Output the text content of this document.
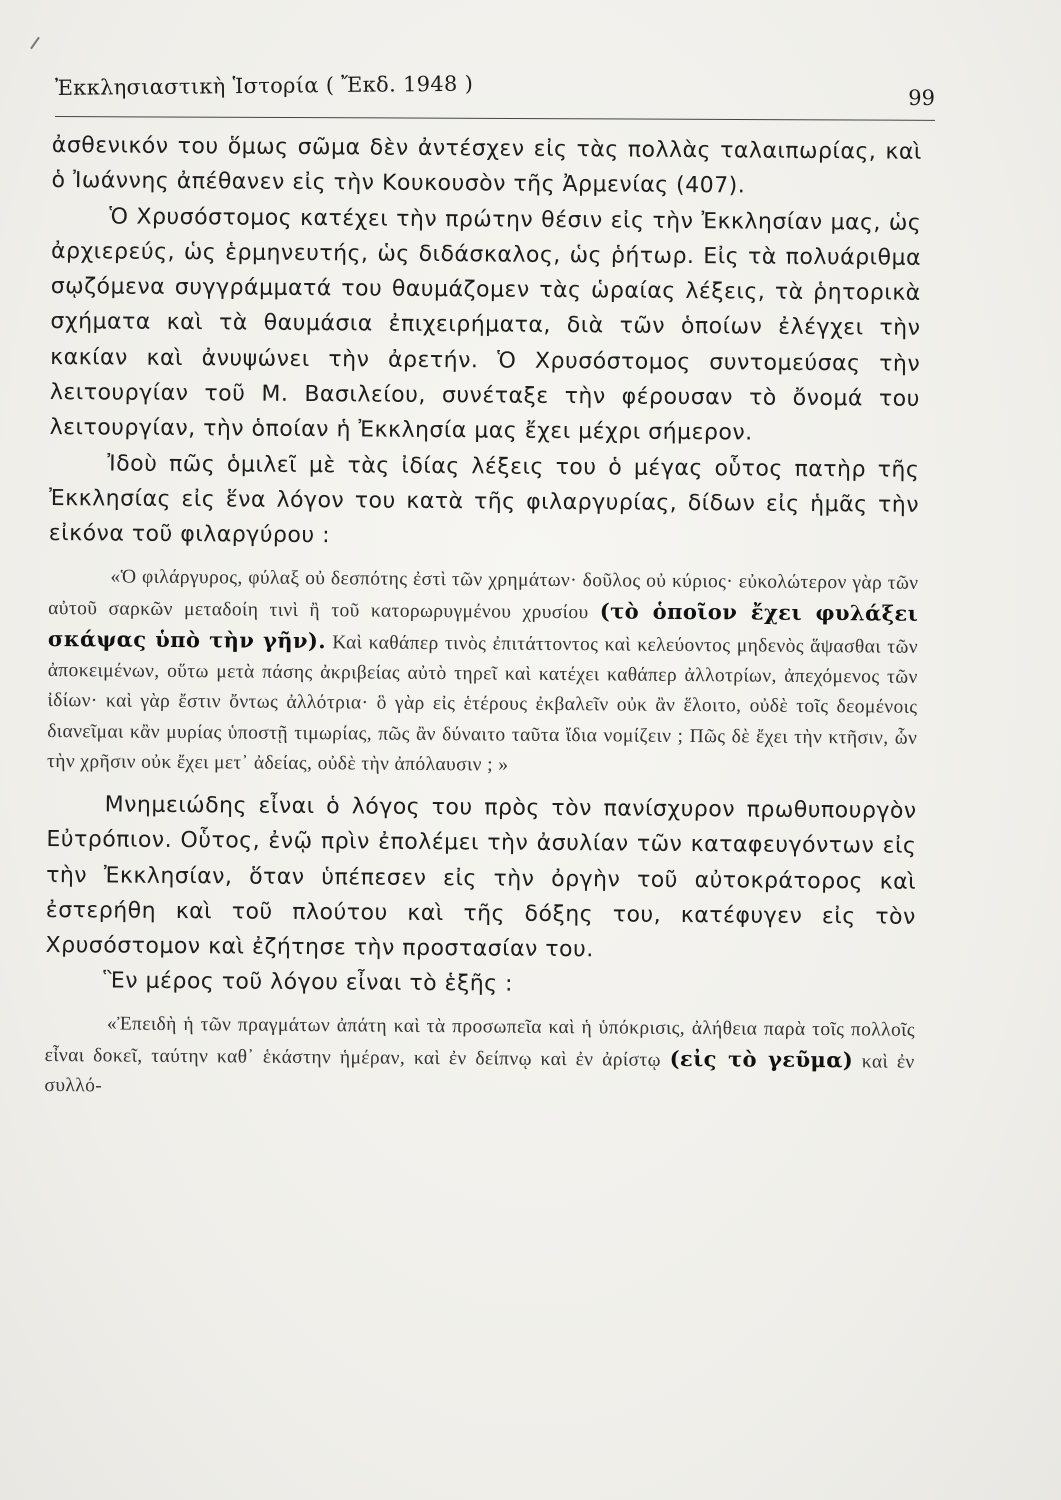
Ἐκκλησιαστικὴ Ἱστορία ( Ἔκδ. 1948 )	99

ἀσθενικόν του ὅμως σῶμα δὲν ἀντέσχεν εἰς τὰς πολλὰς ταλαιπωρίας, καὶ ὁ Ἰωάννης ἀπέθανεν εἰς τὴν Κουκουσὸν τῆς Ἀρμενίας (407).

Ὁ Χρυσόστομος κατέχει τὴν πρώτην θέσιν εἰς τὴν Ἐκκλησίαν μας, ὡς ἀρχιερεύς, ὡς ἑρμηνευτής, ὡς διδάσκαλος, ὡς ῥήτωρ. Εἰς τὰ πολυάριθμα σῳζόμενα συγγράμματά του θαυμάζομεν τὰς ὡραίας λέξεις, τὰ ῥητορικὰ σχήματα καὶ τὰ θαυμάσια ἐπιχειρήματα, διὰ τῶν ὁποίων ἐλέγχει τὴν κακίαν καὶ ἀνυψώνει τὴν ἀρετήν. Ὁ Χρυσόστομος συντομεύσας τὴν λειτουργίαν τοῦ Μ. Βασιλείου, συνέταξε τὴν φέρουσαν τὸ ὄνομά του λειτουργίαν, τὴν ὁποίαν ἡ Ἐκκλησία μας ἔχει μέχρι σήμερον.

Ἰδοὺ πῶς ὁμιλεῖ μὲ τὰς ἰδίας λέξεις του ὁ μέγας οὗτος πατὴρ τῆς Ἐκκλησίας εἰς ἕνα λόγον του κατὰ τῆς φιλαργυρίας, δίδων εἰς ἡμᾶς τὴν εἰκόνα τοῦ φιλαργύρου :

«Ὁ φιλάργυρος, φύλαξ οὐ δεσπότης ἐστὶ τῶν χρημάτων· δοῦλος οὐ κύριος· εὐκολώτερον γὰρ τῶν αὐτοῦ σαρκῶν μεταδοίη τινὶ ἢ τοῦ κατορωρυγμένου χρυσίου (τὸ ὁποῖον ἔχει φυλάξει σκάψας ὑπὸ τὴν γῆν). Καὶ καθάπερ τινὸς ἐπιτάττοντος καὶ κελεύοντος μηδενὸς ἅψασθαι τῶν ἀποκειμένων, οὕτω μετὰ πάσης ἀκριβείας αὐτὸ τηρεῖ καὶ κατέχει καθάπερ ἀλλοτρίων, ἀπεχόμενος τῶν ἰδίων· καὶ γὰρ ἔστιν ὄντως ἀλλότρια· ὃ γὰρ εἰς ἑτέρους ἐκβαλεῖν οὐκ ἂν ἕλοιτο, οὐδὲ τοῖς δεομένοις διανεῖμαι κἂν μυρίας ὑποστῇ τιμωρίας, πῶς ἂν δύναιτο ταῦτα ἴδια νομίζειν ; Πῶς δὲ ἔχει τὴν κτῆσιν, ὧν τὴν χρῆσιν οὐκ ἔχει μετ᾽ ἀδείας, οὐδὲ τὴν ἀπόλαυσιν ; »

Μνημειώδης εἶναι ὁ λόγος του πρὸς τὸν πανίσχυρον πρωθυπουργὸν Εὐτρόπιον. Οὗτος, ἐνῷ πρὶν ἐπολέμει τὴν ἀσυλίαν τῶν καταφευγόντων εἰς τὴν Ἐκκλησίαν, ὅταν ὑπέπεσεν εἰς τὴν ὀργὴν τοῦ αὐτοκράτορος καὶ ἐστερήθη καὶ τοῦ πλούτου καὶ τῆς δόξης του, κατέφυγεν εἰς τὸν Χρυσόστομον καὶ ἐζήτησε τὴν προστασίαν του.

Ἓν μέρος τοῦ λόγου εἶναι τὸ ἑξῆς :

«Ἐπειδὴ ἡ τῶν πραγμάτων ἀπάτη καὶ τὰ προσωπεῖα καὶ ἡ ὑπόκρισις, ἀλήθεια παρὰ τοῖς πολλοῖς εἶναι δοκεῖ, ταύτην καθ᾽ ἑκάστην ἡμέραν, καὶ ἐν δείπνῳ καὶ ἐν ἀρίστῳ (εἰς τὸ γεῦμα) καὶ ἐν συλλό-
